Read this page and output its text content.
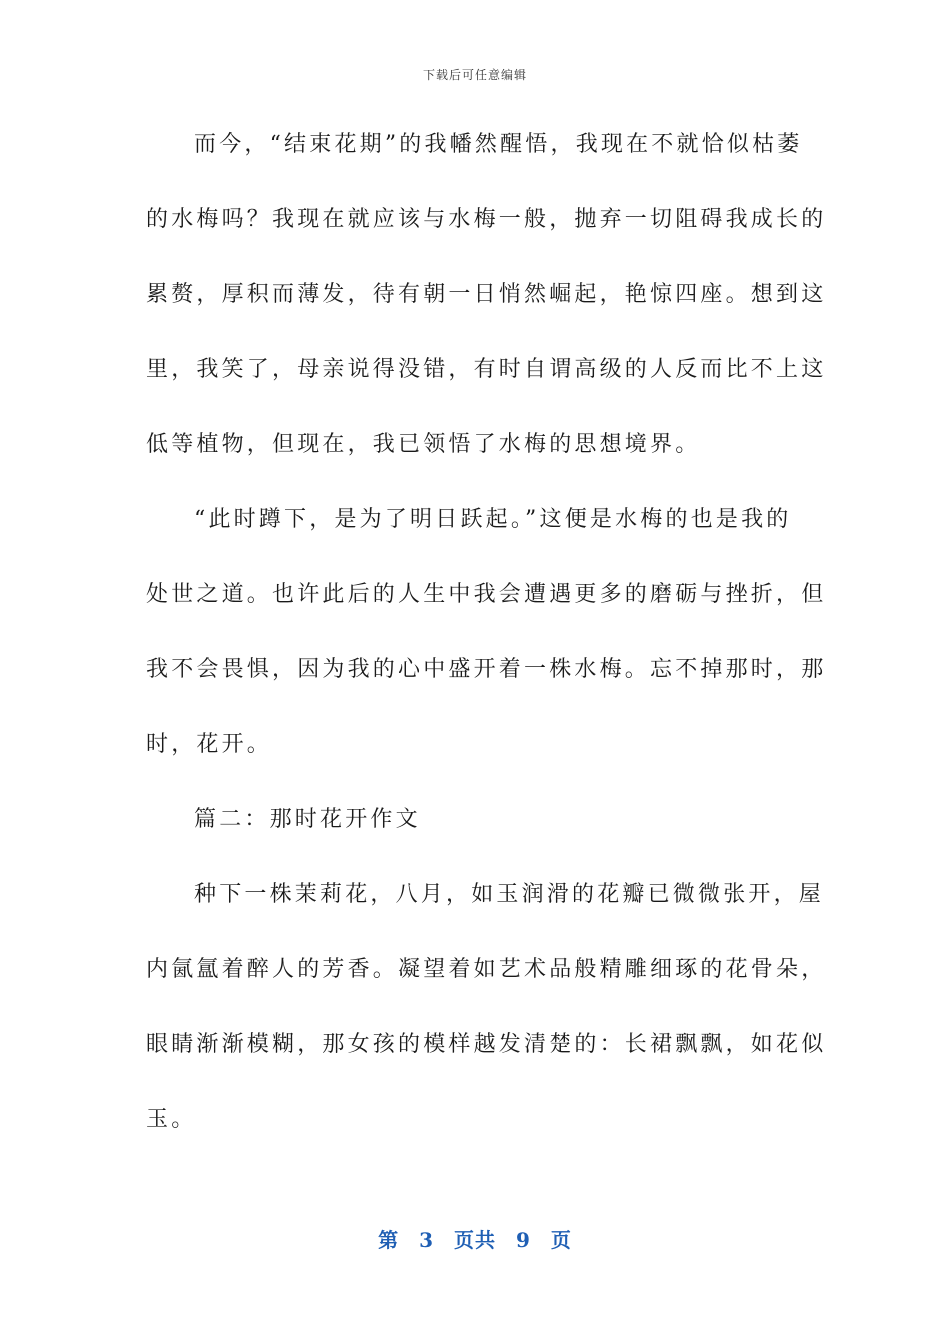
下载后可任意编辑
而今，“结束花期”的我幡然醒悟，我现在不就恰似枯萎
的水梅吗？我现在就应该与水梅一般，抛弃一切阻碍我成长的
累赘，厚积而薄发，待有朝一日悄然崛起，艳惊四座。想到这
里，我笑了，母亲说得没错，有时自谓高级的人反而比不上这
低等植物，但现在，我已领悟了水梅的思想境界。
“此时蹲下，是为了明日跃起。”这便是水梅的也是我的
处世之道。也许此后的人生中我会遭遇更多的磨砺与挫折，但
我不会畏惧，因为我的心中盛开着一株水梅。忘不掉那时，那
时，花开。
篇二：那时花开作文
种下一株茉莉花，八月，如玉润滑的花瓣已微微张开，屋
内氤氲着醉人的芳香。凝望着如艺术品般精雕细琢的花骨朵，
眼睛渐渐模糊，那女孩的模样越发清楚的：长裙飘飘，如花似
玉。
第 3 页共 9 页
